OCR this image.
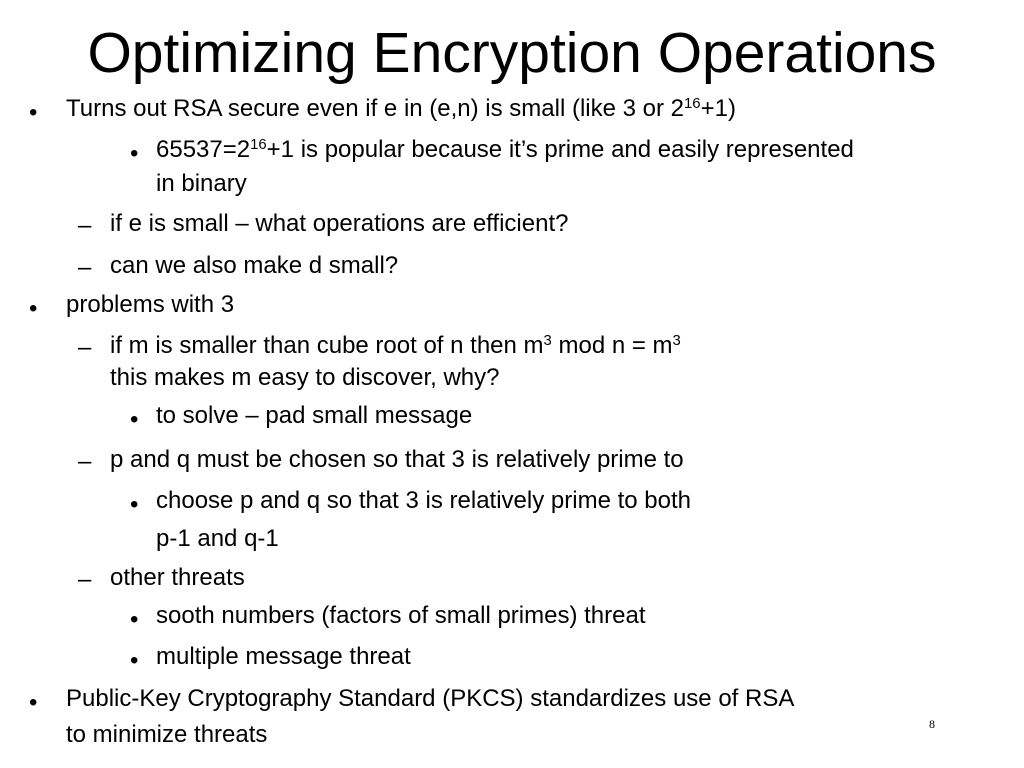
Optimizing Encryption Operations
• Turns out RSA secure even if e in (e,n) is small (like 3 or $2^{16}+1$)
• $65537=2^{16}+1$ is popular because it’s prime and easily represented
in binary
– if e is small – what operations are efficient?
– can we also make d small?
• problems with 3
– if m is smaller than cube root of n then $m^3$ mod $n = m^3$
this makes m easy to discover, why?
• to solve – pad small message
– p and q must be chosen so that 3 is relatively prime to
• choose p and q so that 3 is relatively prime to both
p-1 and q-1
– other threats
• sooth numbers (factors of small primes) threat
• multiple message threat
• Public-Key Cryptography Standard (PKCS) standardizes use of RSA
to minimize threats	8
